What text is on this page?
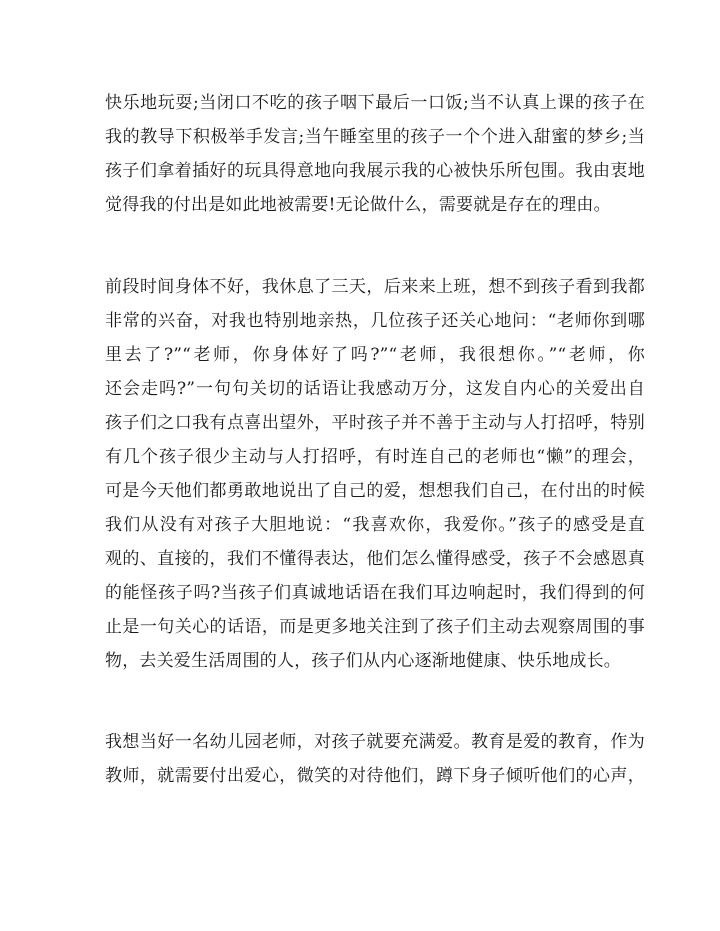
快乐地玩耍;当闭口不吃的孩子咽下最后一口饭;当不认真上课的孩子在
我的教导下积极举手发言;当午睡室里的孩子一个个进入甜蜜的梦乡;当
孩子们拿着插好的玩具得意地向我展示我的心被快乐所包围。我由衷地
觉得我的付出是如此地被需要!无论做什么，需要就是存在的理由。
前段时间身体不好，我休息了三天，后来来上班，想不到孩子看到我都
非常的兴奋，对我也特别地亲热，几位孩子还关心地问：“老师你到哪
里去了?”“老师，你身体好了吗?”“老师，我很想你。”“老师，你
还会走吗?”一句句关切的话语让我感动万分，这发自内心的关爱出自
孩子们之口我有点喜出望外，平时孩子并不善于主动与人打招呼，特别
有几个孩子很少主动与人打招呼，有时连自己的老师也“懒”的理会，
可是今天他们都勇敢地说出了自己的爱，想想我们自己，在付出的时候
我们从没有对孩子大胆地说：“我喜欢你，我爱你。”孩子的感受是直
观的、直接的，我们不懂得表达，他们怎么懂得感受，孩子不会感恩真
的能怪孩子吗?当孩子们真诚地话语在我们耳边响起时，我们得到的何
止是一句关心的话语，而是更多地关注到了孩子们主动去观察周围的事
物，去关爱生活周围的人，孩子们从内心逐渐地健康、快乐地成长。
我想当好一名幼儿园老师，对孩子就要充满爱。教育是爱的教育，作为
教师，就需要付出爱心，微笑的对待他们，蹲下身子倾听他们的心声，
